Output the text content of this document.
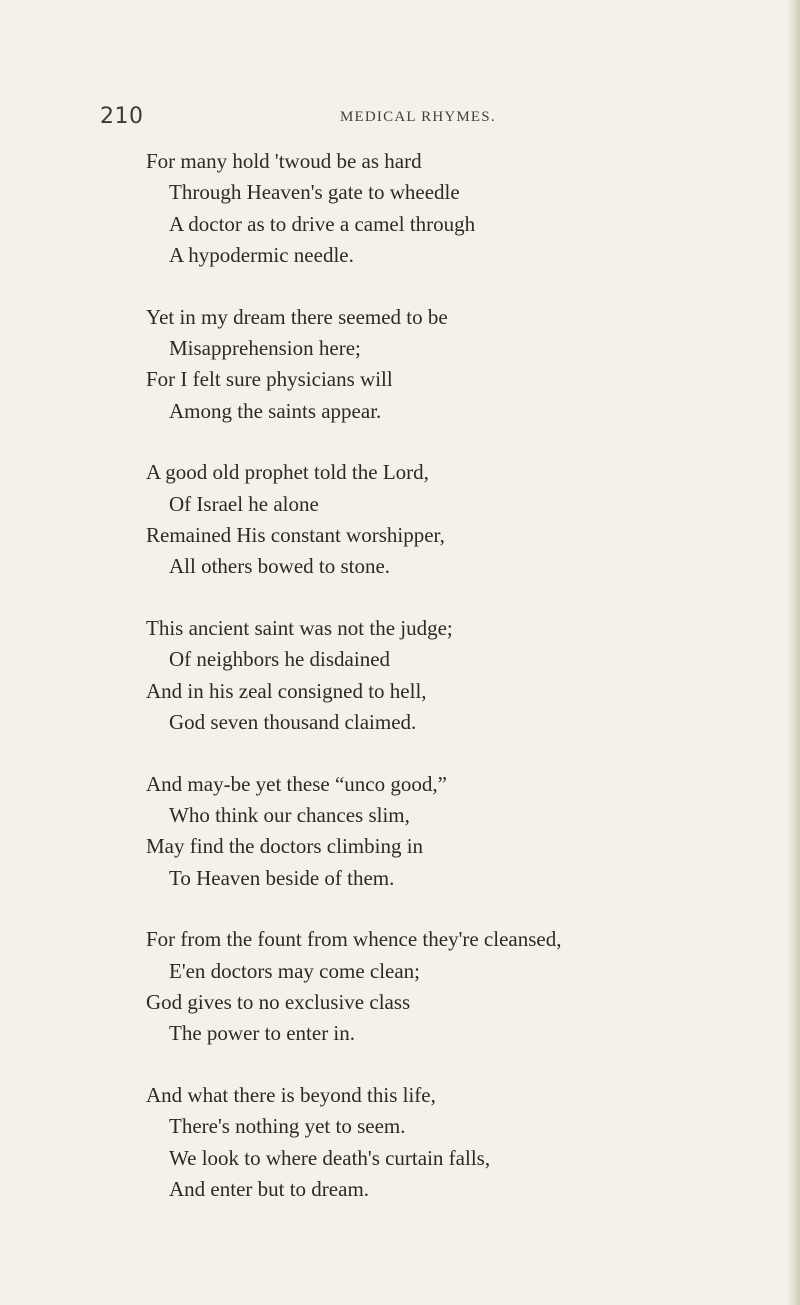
210	MEDICAL RHYMES.
For many hold 'twoud be as hard
Through Heaven's gate to wheedle
A doctor as to drive a camel through
A hypodermic needle.
Yet in my dream there seemed to be
Misapprehension here;
For I felt sure physicians will
Among the saints appear.
A good old prophet told the Lord,
Of Israel he alone
Remained His constant worshipper,
All others bowed to stone.
This ancient saint was not the judge;
Of neighbors he disdained
And in his zeal consigned to hell,
God seven thousand claimed.
And may-be yet these “unco good,”
Who think our chances slim,
May find the doctors climbing in
To Heaven beside of them.
For from the fount from whence they're cleansed,
E'en doctors may come clean;
God gives to no exclusive class
The power to enter in.
And what there is beyond this life,
There's nothing yet to seem.
We look to where death's curtain falls,
And enter but to dream.
